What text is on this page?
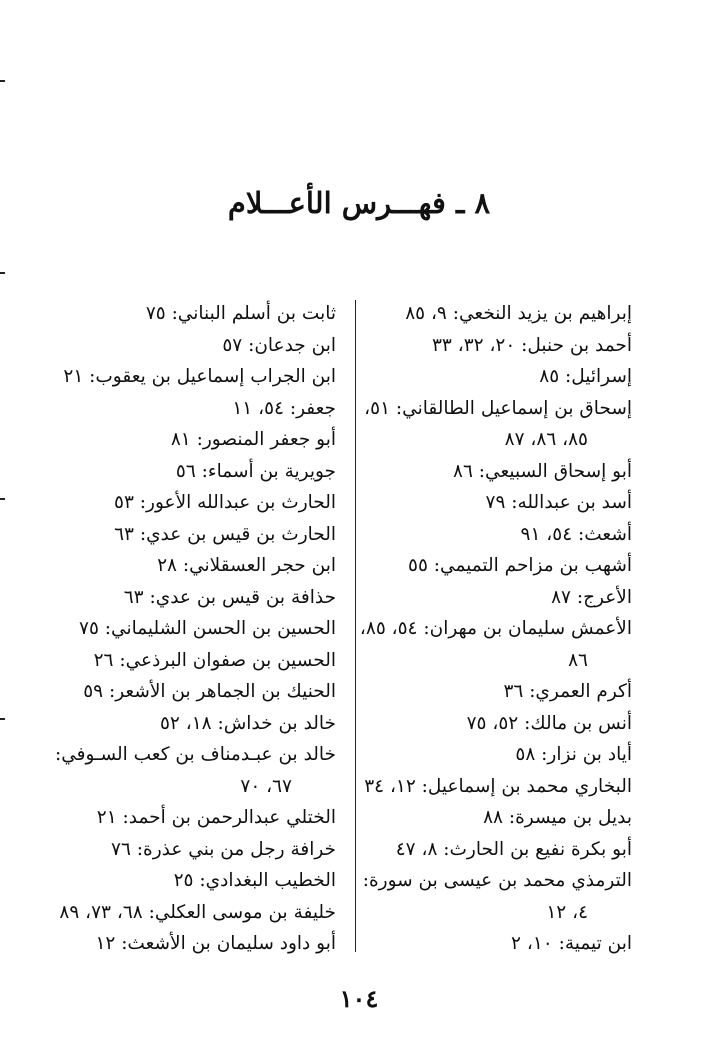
٨ ـ فهـــرس الأعـــلام
إبراهيم بن يزيد النخعي: ٩، ٨٥
أحمد بن حنبل: ٢٠، ٣٢، ٣٣
إسرائيل: ٨٥
إسحاق بن إسماعيل الطالقاني: ٥١،
٨٥، ٨٦، ٨٧
أبو إسحاق السبيعي: ٨٦
أسد بن عبدالله: ٧٩
أشعث: ٥٤، ٩١
أشهب بن مزاحم التميمي: ٥٥
الأعرج: ٨٧
الأعمش سليمان بن مهران: ٥٤، ٨٥،
٨٦
أكرم العمري: ٣٦
أنس بن مالك: ٥٢، ٧٥
أياد بن نزار: ٥٨
البخاري محمد بن إسماعيل: ١٢، ٣٤
بديل بن ميسرة: ٨٨
أبو بكرة نفيع بن الحارث: ٨، ٤٧
الترمذي محمد بن عيسى بن سورة:
٤، ١٢
ابن تيمية: ١٠، ٢
ثابت بن أسلم البناني: ٧٥
ابن جدعان: ٥٧
ابن الجراب إسماعيل بن يعقوب: ٢١
جعفر: ٥٤، ١١
أبو جعفر المنصور: ٨١
جويرية بن أسماء: ٥٦
الحارث بن عبدالله الأعور: ٥٣
الحارث بن قيس بن عدي: ٦٣
ابن حجر العسقلاني: ٢٨
حذافة بن قيس بن عدي: ٦٣
الحسين بن الحسن الشليماني: ٧٥
الحسين بن صفوان البرذعي: ٢٦
الحنيك بن الجماهر بن الأشعر: ٥٩
خالد بن خداش: ١٨، ٥٢
خالد بن عبـدمناف بن كعب السـوفي:
٦٧، ٧٠
الختلي عبدالرحمن بن أحمد: ٢١
خرافة رجل من بني عذرة: ٧٦
الخطيب البغدادي: ٢٥
خليفة بن موسى العكلي: ٦٨، ٧٣، ٨٩
أبو داود سليمان بن الأشعث: ١٢
١٠٤
